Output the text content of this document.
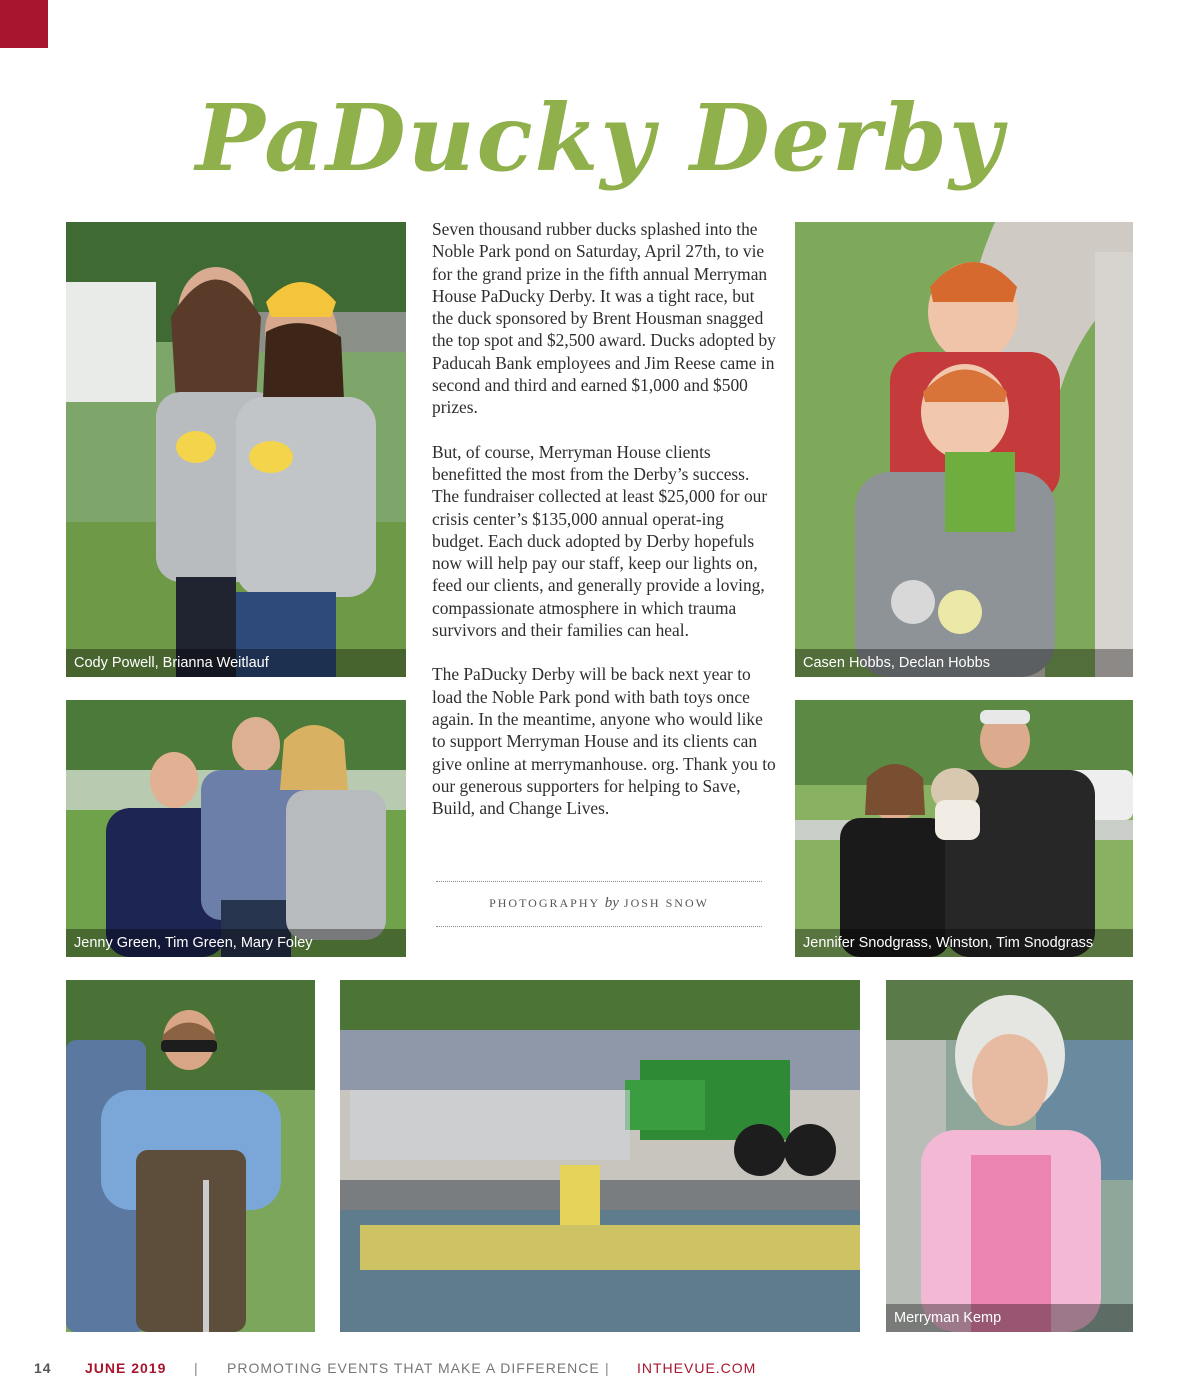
PaDucky Derby
Cody Powell, Brianna Weitlauf	Casen Hobbs, Declan Hobbs
Jenny Green, Tim Green, Mary Foley	Jennifer Snodgrass, Winston, Tim Snodgrass
Merryman Kemp

Seven thousand rubber ducks splashed into the Noble Park pond on Saturday, April 27th, to vie for the grand prize in the fifth annual Merryman House PaDucky Derby. It was a tight race, but the duck sponsored by Brent Housman snagged the top spot and $2,500 award. Ducks adopted by Paducah Bank employees and Jim Reese came in second and third and earned $1,000 and $500 prizes.

But, of course, Merryman House clients benefitted the most from the Derby’s success. The fundraiser collected at least $25,000 for our crisis center’s $135,000 annual operat-ing budget. Each duck adopted by Derby hopefuls now will help pay our staff, keep our lights on, feed our clients, and generally provide a loving, compassionate atmosphere in which trauma survivors and their families can heal.

The PaDucky Derby will be back next year to load the Noble Park pond with bath toys once again. In the meantime, anyone who would like to support Merryman House and its clients can give online at merrymanhouse. org. Thank you to our generous supporters for helping to Save, Build, and Change Lives.

PHOTOGRAPHY by JOSH SNOW
14 JUNE 2019 | PROMOTING EVENTS THAT MAKE A DIFFERENCE | INTHEVUE.COM
